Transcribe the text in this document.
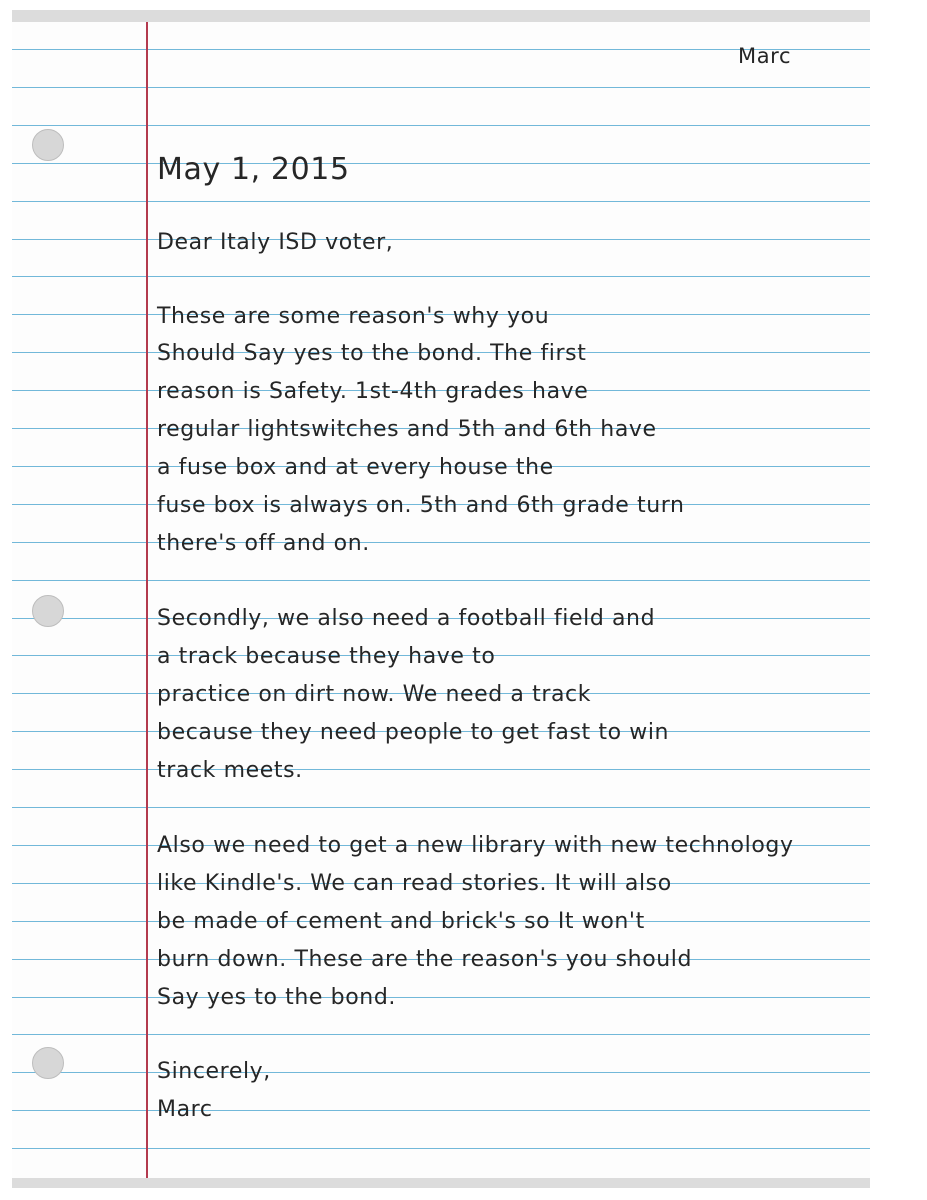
Marc
May 1, 2015
Dear Italy ISD voter,
These are some reason's why you
Should Say yes to the bond. The first
reason is Safety. 1st-4th grades have
regular lightswitches and 5th and 6th have
a fuse box and at every house the
fuse box is always on. 5th and 6th grade turn
there's off and on.
Secondly, we also need a football field and
a track because they have to
practice on dirt now. We need a track
because they need people to get fast to win
track meets.
Also we need to get a new library with new technology
like Kindle's. We can read stories. It will also
be made of cement and brick's so It won't
burn down. These are the reason's you should
Say yes to the bond.
Sincerely,
Marc
